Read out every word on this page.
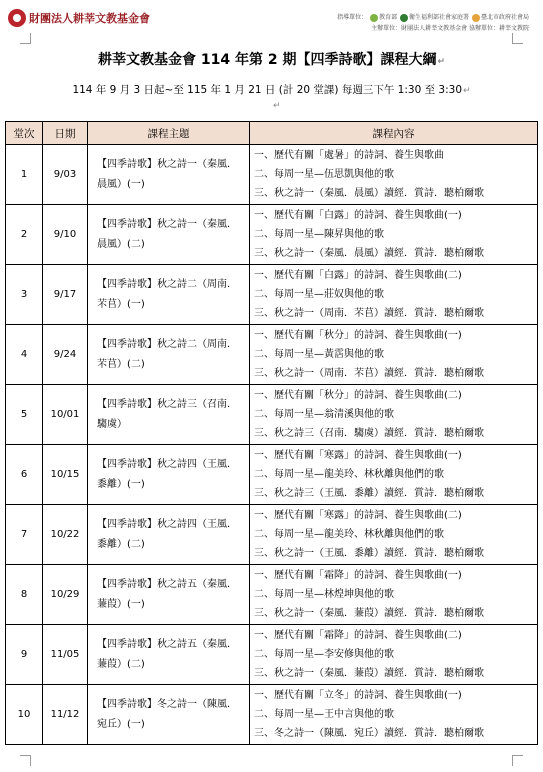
財團法人耕莘文教基金會	指導單位： 教育部 衛生福利部社會家庭署 臺北市政府社會局
主辦單位：財團法人耕莘文教基金會 協辦單位：耕莘文教院
耕莘文教基金會 114 年第 2 期【四季詩歌】課程大綱↵
114 年 9 月 3 日起~至 115 年 1 月 21 日 (計 20 堂課) 每週三下午 1:30 至 3:30↵
↵
堂次	日期	課程主題	課程內容
1	9/03	【四季詩歌】秋之詩一（秦風．晨風）(一)	一、歷代有關「處暑」的詩詞、養生與歌曲
二、每周一星—伍思凱與他的歌
三、秋之詩一（秦風．晨風）讀經．賞詩．聽柏爾歌

2	9/10	【四季詩歌】秋之詩一（秦風．晨風）(二)	一、歷代有關「白露」的詩詞、養生與歌曲(一)
二、每周一星—陳昇與他的歌
三、秋之詩一（秦風．晨風）讀經．賞詩．聽柏爾歌

3	9/17	【四季詩歌】秋之詩二（周南．芣苢）(一)	一、歷代有關「白露」的詩詞、養生與歌曲(二)
二、每周一星—莊奴與他的歌
三、秋之詩一（周南．芣苢）讀經．賞詩．聽柏爾歌

4	9/24	【四季詩歌】秋之詩二（周南．芣苢）(二)	一、歷代有關「秋分」的詩詞、養生與歌曲(一)
二、每周一星—黃霑與他的歌
三、秋之詩一（周南．芣苢）讀經．賞詩．聽柏爾歌

5	10/01	【四季詩歌】秋之詩三（召南．騶虞）	一、歷代有關「秋分」的詩詞、養生與歌曲(二)
二、每周一星—翁清溪與他的歌
三、秋之詩三（召南．騶虞）讀經．賞詩．聽柏爾歌

6	10/15	【四季詩歌】秋之詩四（王風．黍離）(一)	一、歷代有關「寒露」的詩詞、養生與歌曲(一)
二、每周一星—龍美玲、林秋離與他們的歌
三、秋之詩三（王風．黍離）讀經．賞詩．聽柏爾歌

7	10/22	【四季詩歌】秋之詩四（王風．黍離）(二)	一、歷代有關「寒露」的詩詞、養生與歌曲(二)
二、每周一星—龍美玲、林秋離與他們的歌
三、秋之詩一（王風．黍離）讀經．賞詩．聽柏爾歌

8	10/29	【四季詩歌】秋之詩五（秦風．蒹葭）(一)	一、歷代有關「霜降」的詩詞、養生與歌曲(一)
二、每周一星—林煌坤與他的歌
三、秋之詩一（秦風．蒹葭）讀經．賞詩．聽柏爾歌

9	11/05	【四季詩歌】秋之詩五（秦風．蒹葭）(二)	一、歷代有關「霜降」的詩詞、養生與歌曲(二)
二、每周一星—李安修與他的歌
三、秋之詩一（秦風．蒹葭）讀經．賞詩．聽柏爾歌

10	11/12	【四季詩歌】冬之詩一（陳風．宛丘）(一)	一、歷代有關「立冬」的詩詞、養生與歌曲(一)
二、每周一星—王中言與他的歌
三、冬之詩一（陳風．宛丘）讀經．賞詩．聽柏爾歌
